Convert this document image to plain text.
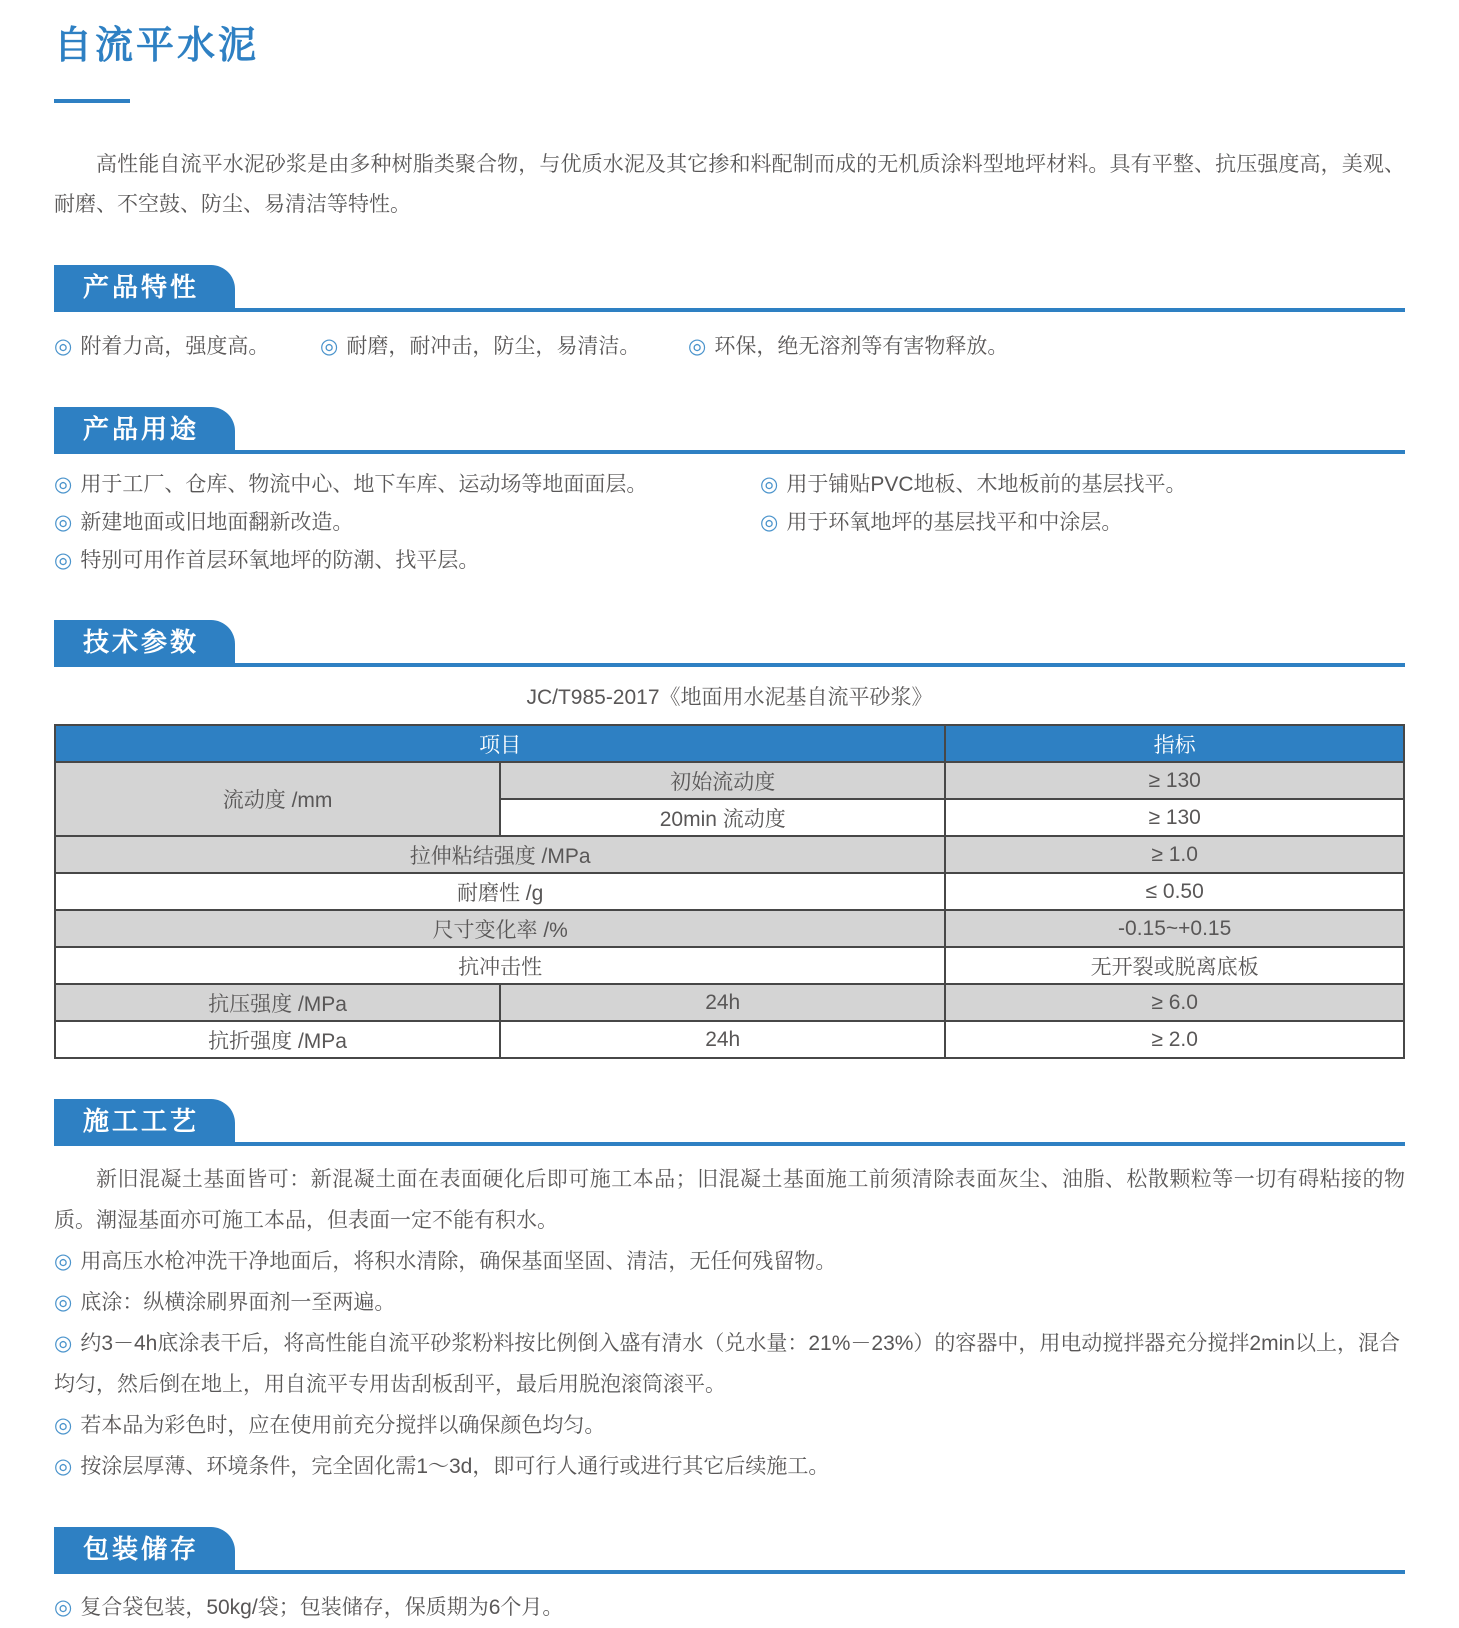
自流平水泥

高性能自流平水泥砂浆是由多种树脂类聚合物，与优质水泥及其它掺和料配制而成的无机质涂料型地坪材料。具有平整、抗压强度高，美观、耐磨、不空鼓、防尘、易清洁等特性。

产品特性
◎ 附着力高，强度高。	◎ 耐磨，耐冲击，防尘，易清洁。	◎ 环保，绝无溶剂等有害物释放。
产品用途
◎ 用于工厂、仓库、物流中心、地下车库、运动场等地面面层。
◎ 新建地面或旧地面翻新改造。
◎ 特别可用作首层环氧地坪的防潮、找平层。
◎ 用于铺贴PVC地板、木地板前的基层找平。
◎ 用于环氧地坪的基层找平和中涂层。
技术参数

JC/T985-2017《地面用水泥基自流平砂浆》

项目		指标
流动度 /mm	初始流动度	≥ 130
	20min 流动度	≥ 130
拉伸粘结强度 /MPa		≥ 1.0
耐磨性 /g		≤ 0.50
尺寸变化率 /%		-0.15~+0.15
抗冲击性		无开裂或脱离底板
抗压强度 /MPa	24h	≥ 6.0
抗折强度 /MPa	24h	≥ 2.0
施工工艺

新旧混凝土基面皆可：新混凝土面在表面硬化后即可施工本品；旧混凝土基面施工前须清除表面灰尘、油脂、松散颗粒等一切有碍粘接的物质。潮湿基面亦可施工本品，但表面一定不能有积水。

◎ 用高压水枪冲洗干净地面后，将积水清除，确保基面坚固、清洁，无任何残留物。
◎ 底涂：纵横涂刷界面剂一至两遍。
◎ 约3－4h底涂表干后，将高性能自流平砂浆粉料按比例倒入盛有清水（兑水量：21%－23%）的容器中，用电动搅拌器充分搅拌2min以上，混合均匀，然后倒在地上，用自流平专用齿刮板刮平，最后用脱泡滚筒滚平。
◎ 若本品为彩色时，应在使用前充分搅拌以确保颜色均匀。
◎ 按涂层厚薄、环境条件，完全固化需1～3d，即可行人通行或进行其它后续施工。
包装储存
◎ 复合袋包装，50kg/袋；包装储存，保质期为6个月。
